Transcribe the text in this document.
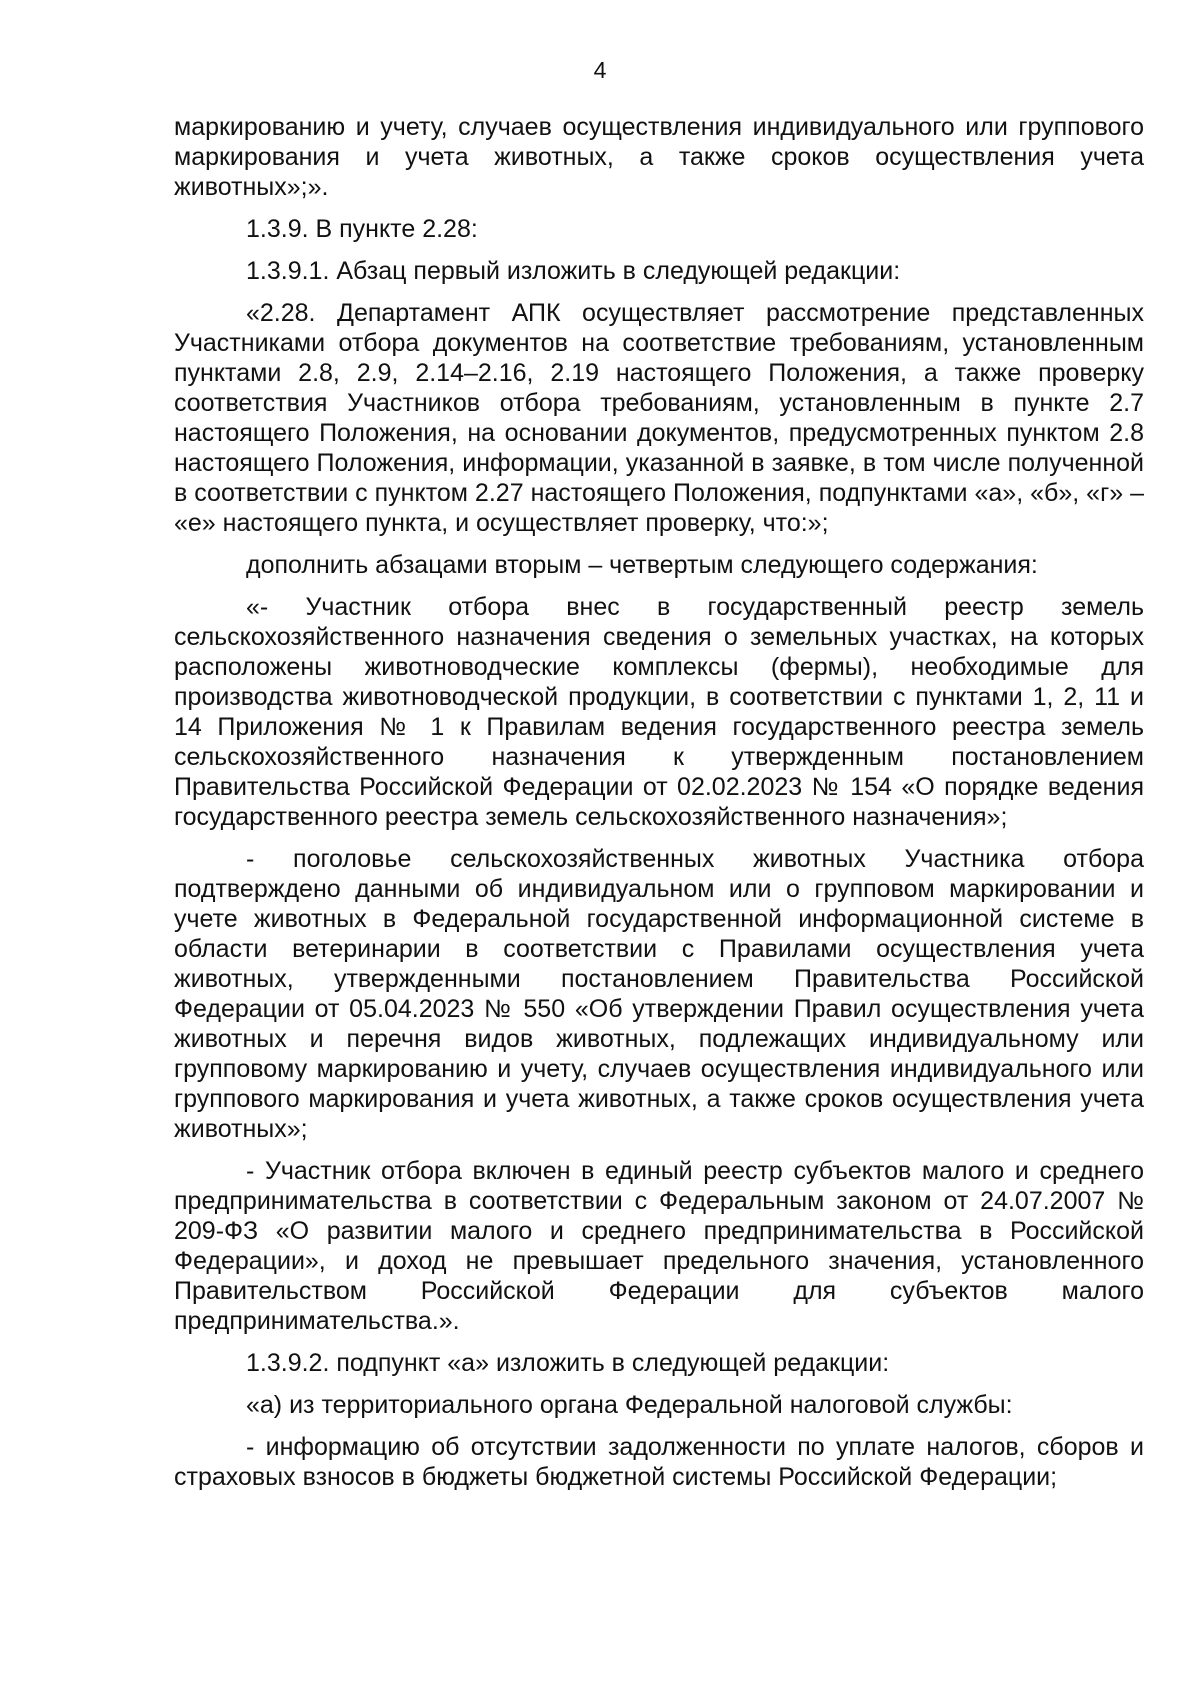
4

маркированию и учету, случаев осуществления индивидуального или группового маркирования и учета животных, а также сроков осуществления учета животных»;».

1.3.9. В пункте 2.28:

1.3.9.1. Абзац первый изложить в следующей редакции:

«2.28. Департамент АПК осуществляет рассмотрение представленных Участниками отбора документов на соответствие требованиям, установленным пунктами 2.8, 2.9, 2.14–2.16, 2.19 настоящего Положения, а также проверку соответствия Участников отбора требованиям, установленным в пункте 2.7 настоящего Положения, на основании документов, предусмотренных пунктом 2.8 настоящего Положения, информации, указанной в заявке, в том числе полученной в соответствии с пунктом 2.27 настоящего Положения, подпунктами «а», «б», «г» – «е» настоящего пункта, и осуществляет проверку, что:»;

дополнить абзацами вторым – четвертым следующего содержания:

«- Участник отбора внес в государственный реестр земель сельскохозяйственного назначения сведения о земельных участках, на которых расположены животноводческие комплексы (фермы), необходимые для производства животноводческой продукции, в соответствии с пунктами 1, 2, 11 и 14 Приложения № 1 к Правилам ведения государственного реестра земель сельскохозяйственного назначения к утвержденным постановлением Правительства Российской Федерации от 02.02.2023 № 154 «О порядке ведения государственного реестра земель сельскохозяйственного назначения»;

- поголовье сельскохозяйственных животных Участника отбора подтверждено данными об индивидуальном или о групповом маркировании и учете животных в Федеральной государственной информационной системе в области ветеринарии в соответствии с Правилами осуществления учета животных, утвержденными постановлением Правительства Российской Федерации от 05.04.2023 № 550 «Об утверждении Правил осуществления учета животных и перечня видов животных, подлежащих индивидуальному или групповому маркированию и учету, случаев осуществления индивидуального или группового маркирования и учета животных, а также сроков осуществления учета животных»;

- Участник отбора включен в единый реестр субъектов малого и среднего предпринимательства в соответствии с Федеральным законом от 24.07.2007 № 209-ФЗ «О развитии малого и среднего предпринимательства в Российской Федерации», и доход не превышает предельного значения, установленного Правительством Российской Федерации для субъектов малого предпринимательства.».

1.3.9.2. подпункт «а» изложить в следующей редакции:

«а) из территориального органа Федеральной налоговой службы:

- информацию об отсутствии задолженности по уплате налогов, сборов и страховых взносов в бюджеты бюджетной системы Российской Федерации;
